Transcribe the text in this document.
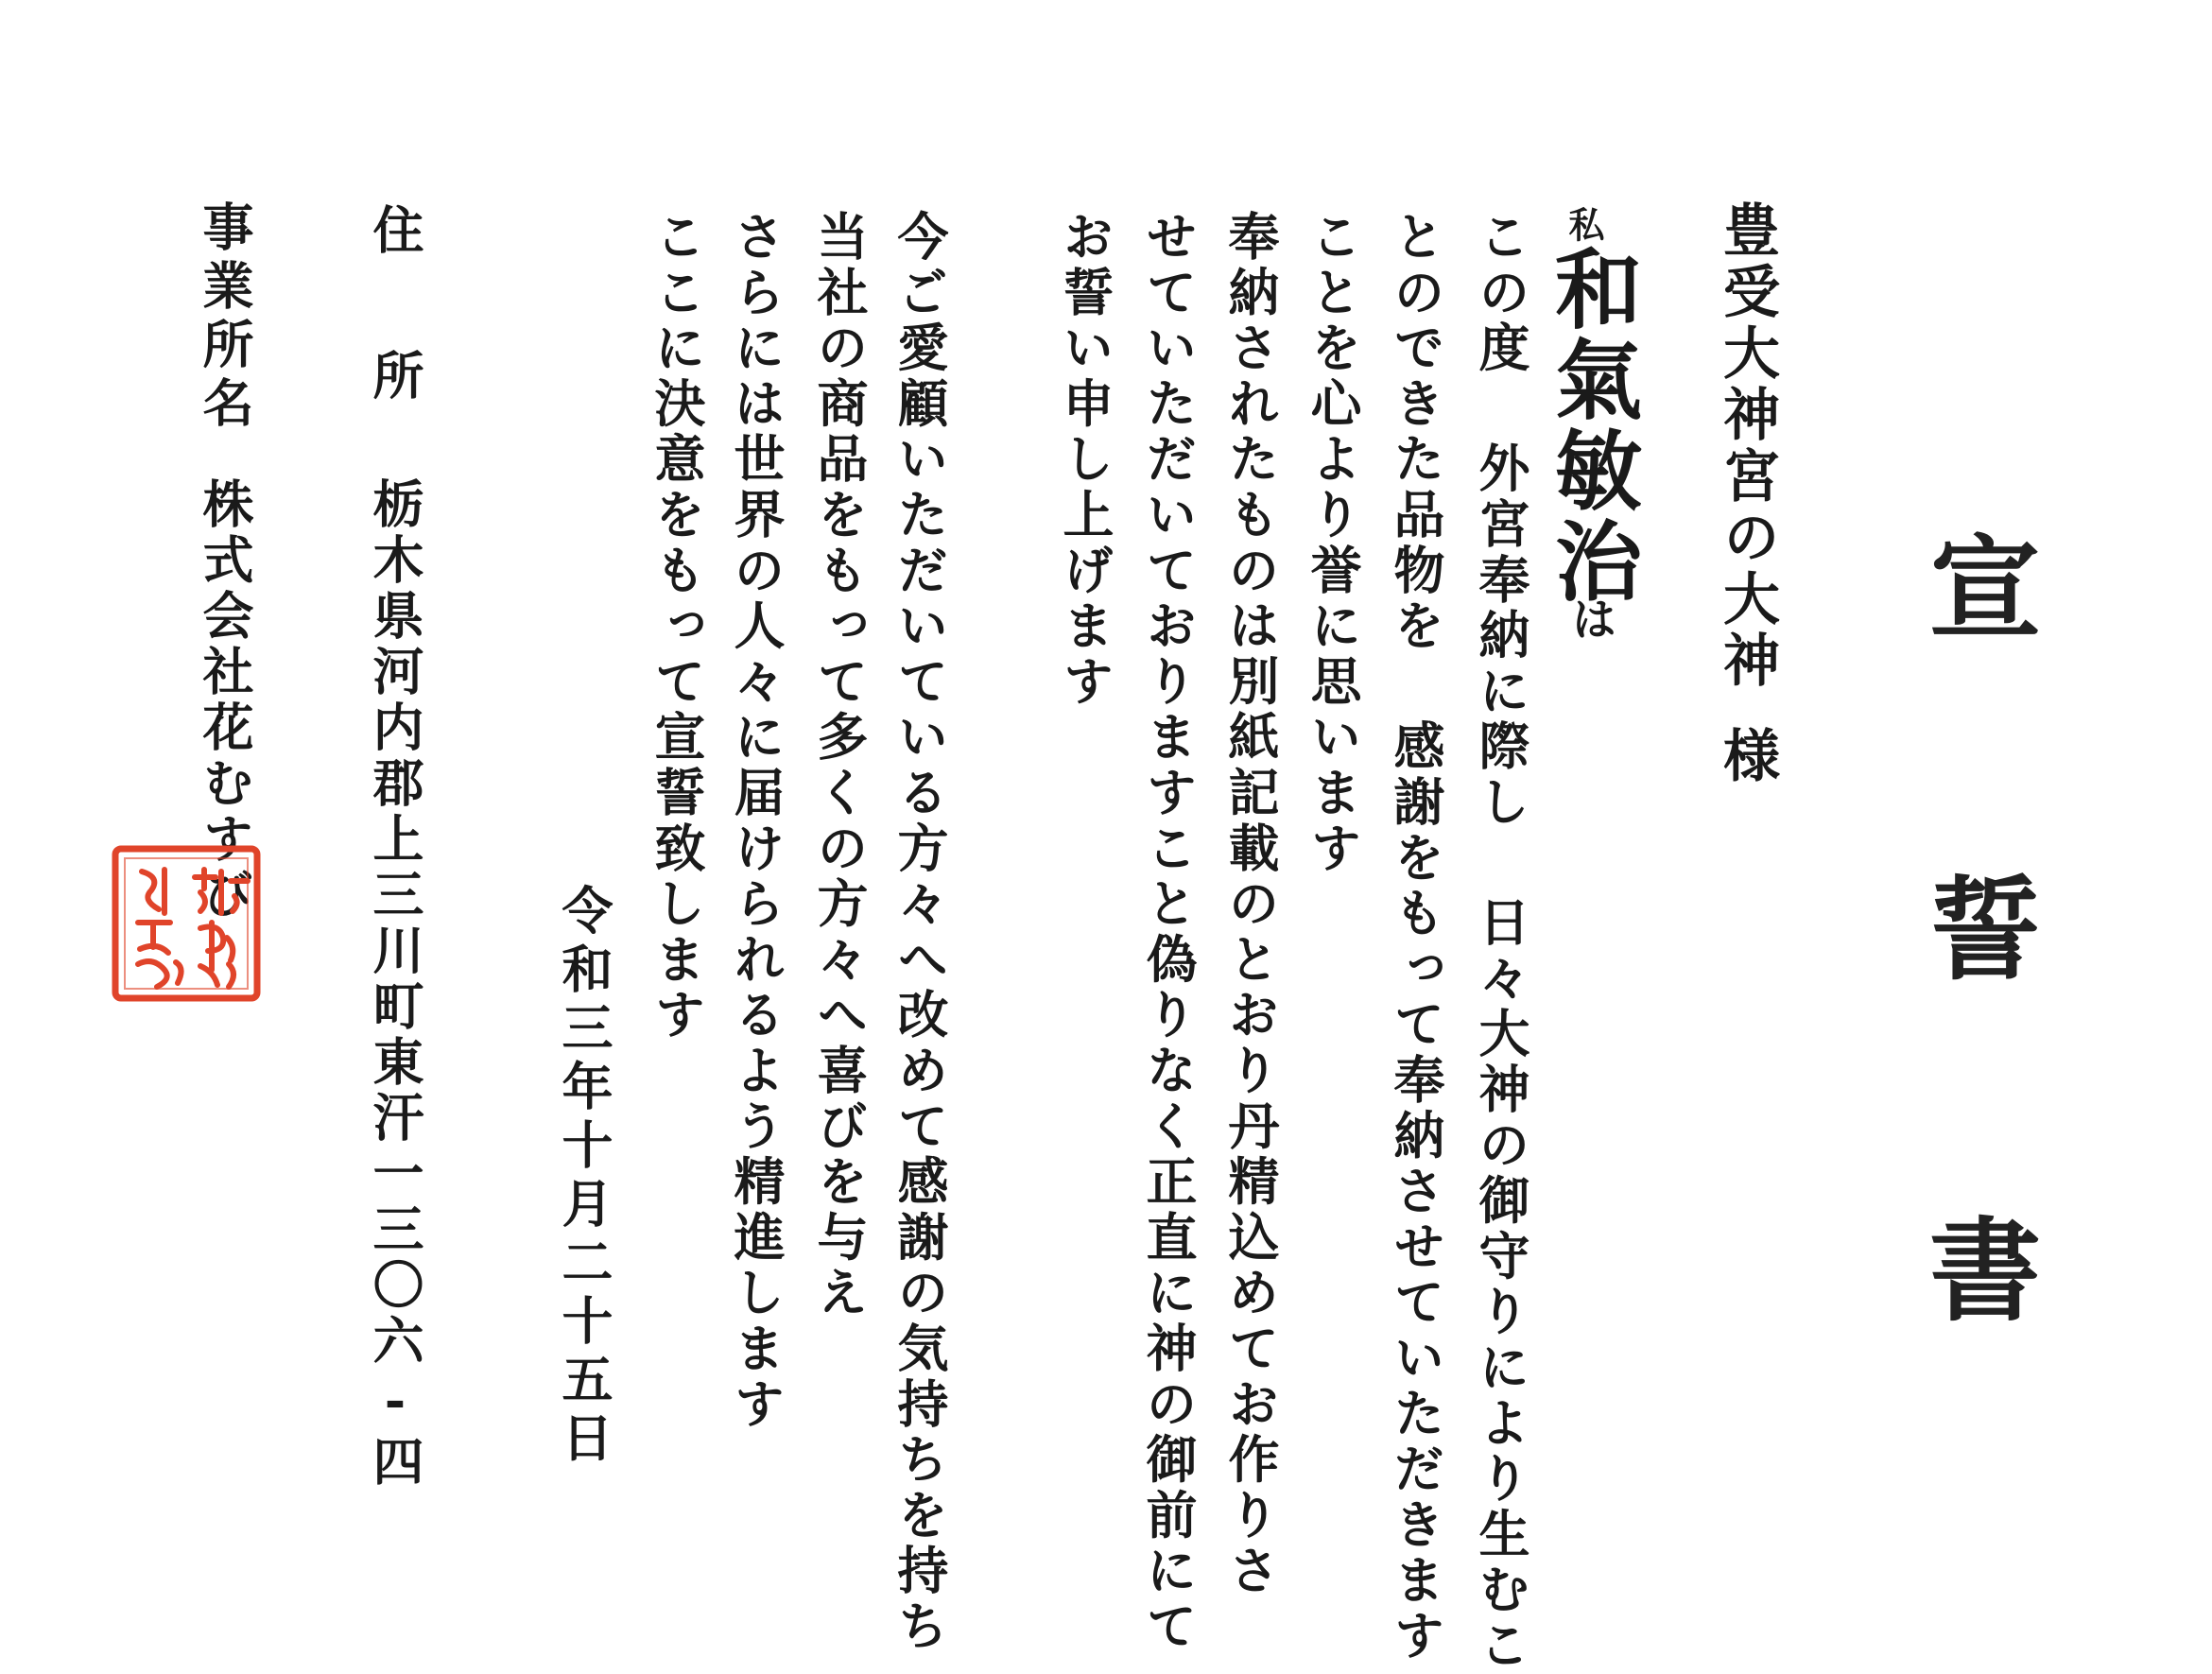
宣 誓 書
豊受大神宮の大神
様
私
和氣敏治
は
この度 外宮奉納に際し 日々大神の御守りにより生むこ
とのできた品物を 感謝をもって奉納させていただきます
ことを心より誉に思います
奉納されたものは別紙記載のとおり丹精込めてお作りさ
せていただいておりますこと偽りなく正直に神の御前にて
お誓い申し上げます
今ご愛顧いただいている方々へ改めて感謝の気持ちを持ち
当社の商品をもって多くの方々へ喜びを与え
さらには世界の人々に届けられるよう精進します
ここに決意をもって宣誓致します
令和三年十月二十五日
住所
栃木県河内郡上三川町東汗一三〇六-四
事業所名
株式会社花むすび
